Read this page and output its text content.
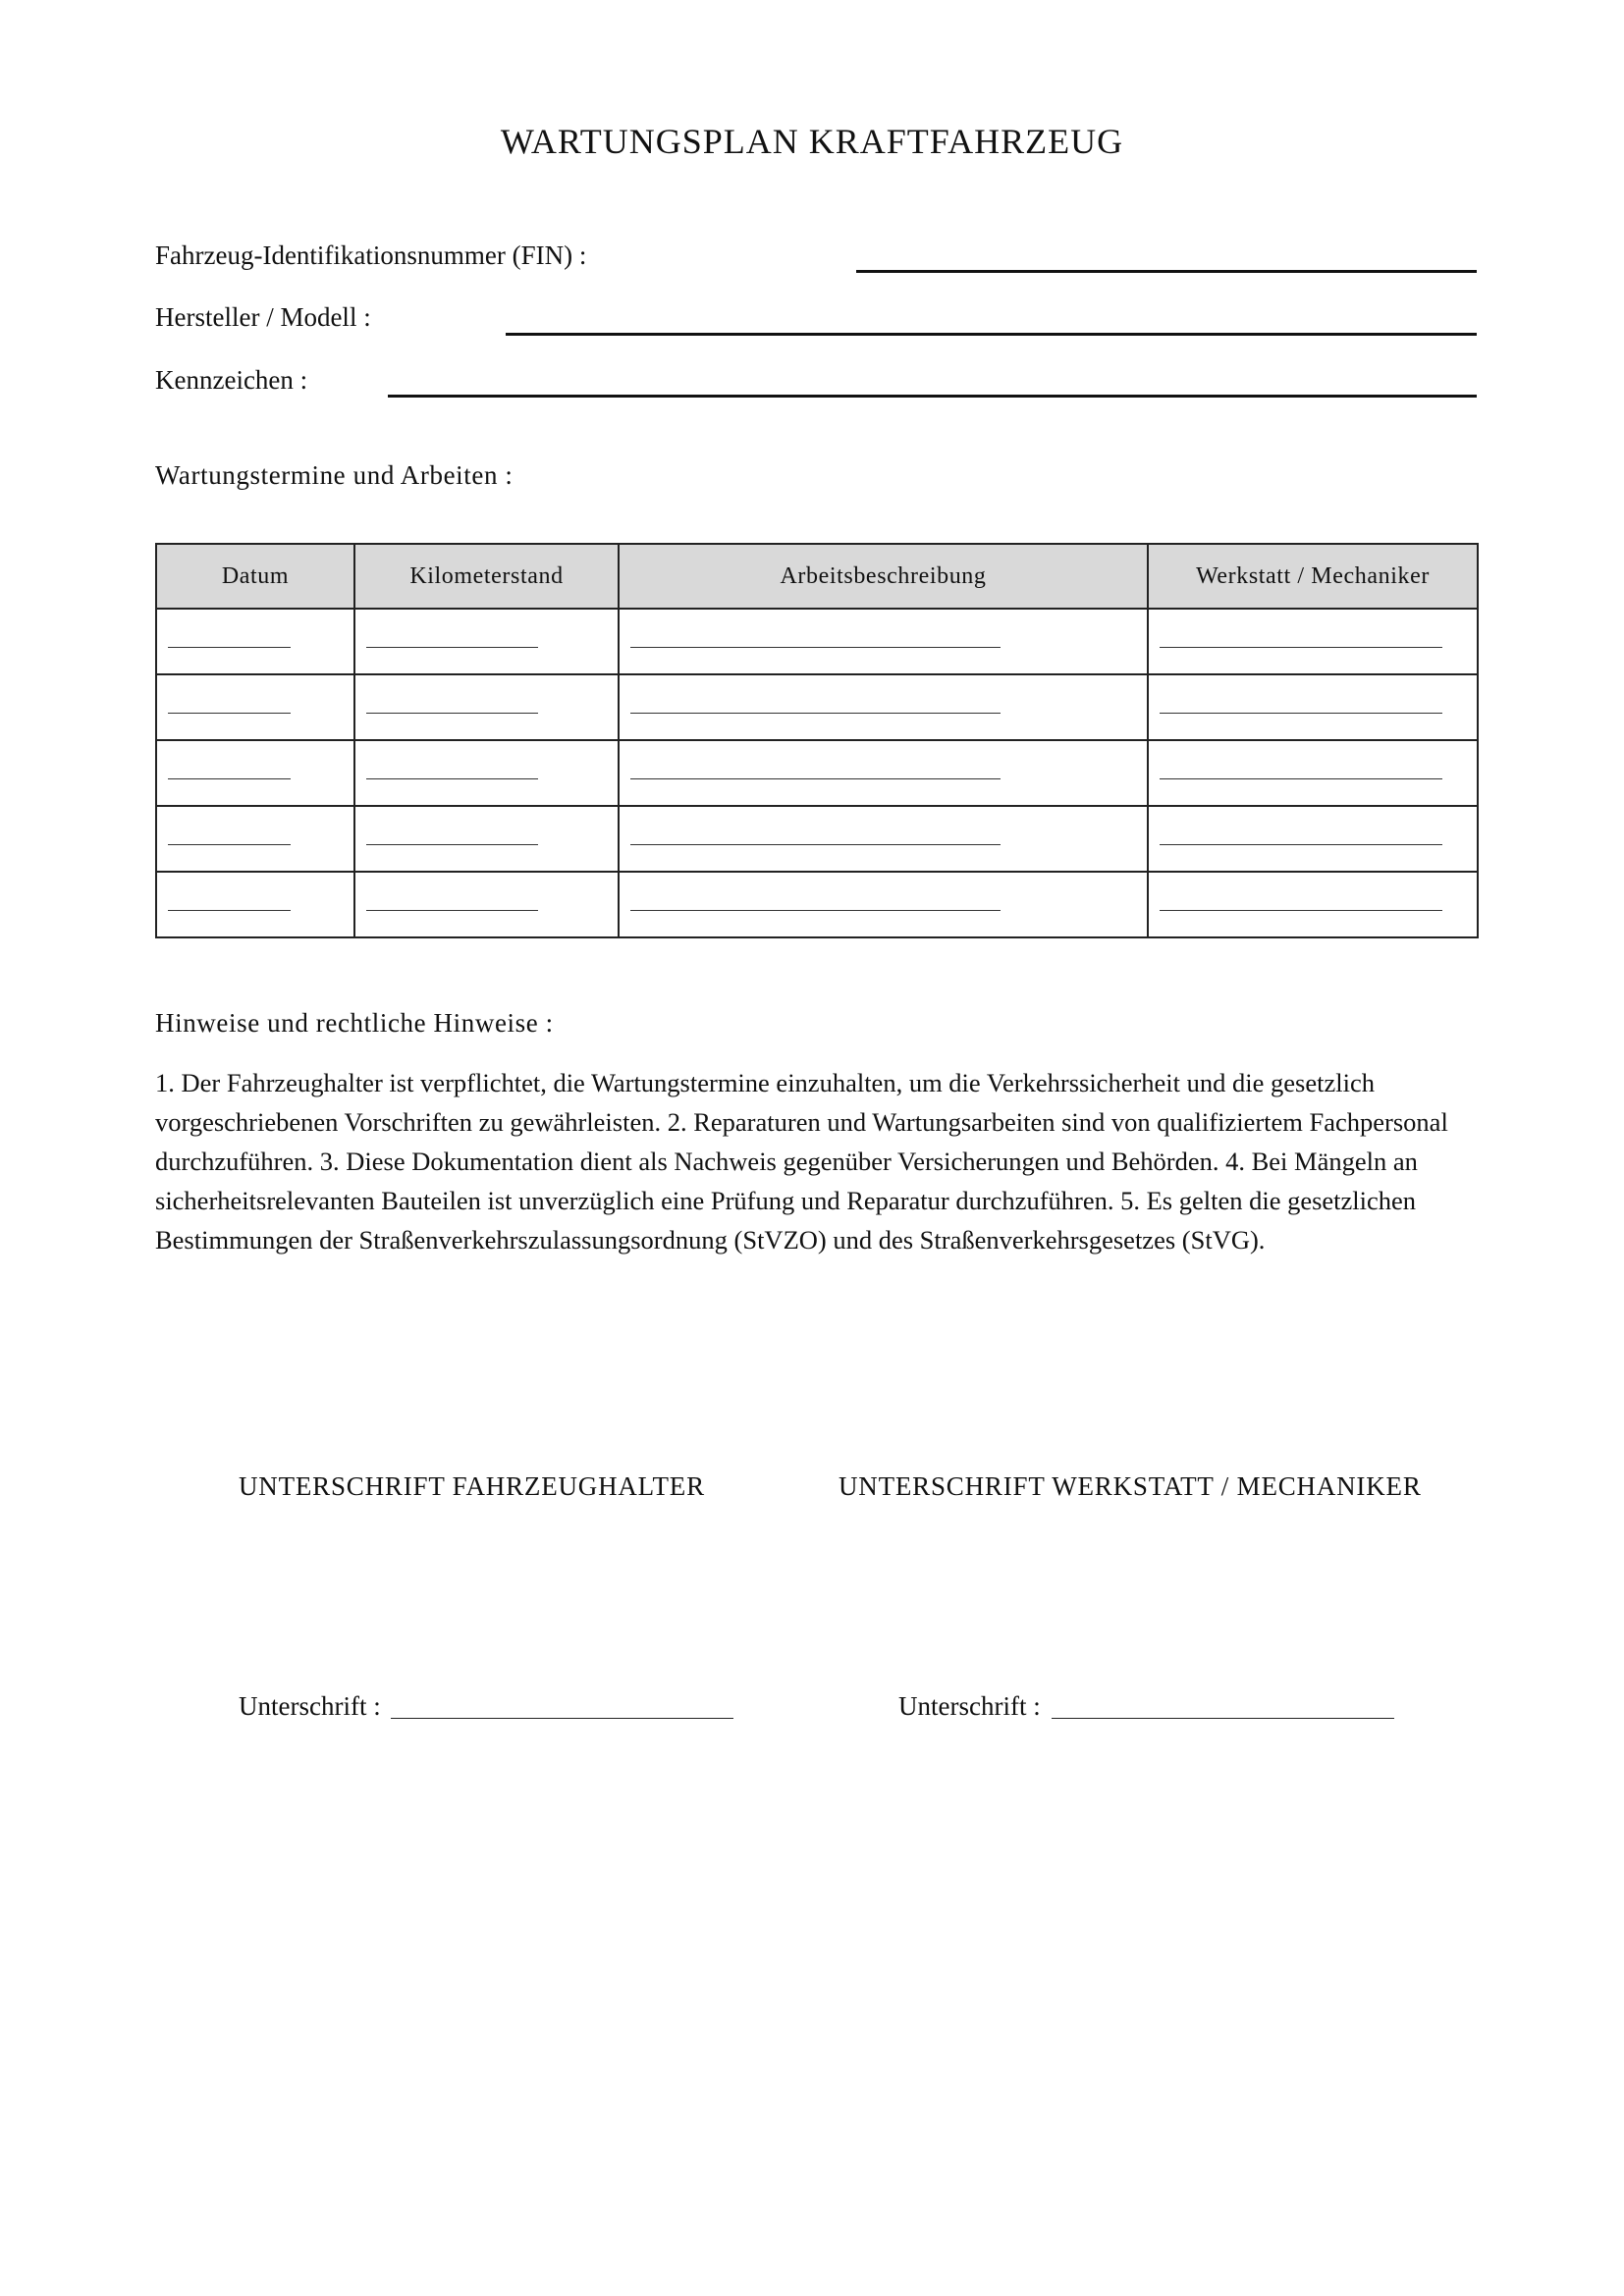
WARTUNGSPLAN KRAFTFAHRZEUG
Fahrzeug-Identifikationsnummer (FIN) :
Hersteller / Modell :
Kennzeichen :
Wartungstermine und Arbeiten :
Datum	Kilometerstand	Arbeitsbeschreibung	Werkstatt / Mechaniker

Hinweise und rechtliche Hinweise :
1. Der Fahrzeughalter ist verpflichtet, die Wartungstermine einzuhalten, um die Verkehrssicherheit und die gesetzlich vorgeschriebenen Vorschriften zu gewährleisten. 2. Reparaturen und Wartungsarbeiten sind von qualifiziertem Fachpersonal durchzuführen. 3. Diese Dokumentation dient als Nachweis gegenüber Versicherungen und Behörden. 4. Bei Mängeln an sicherheitsrelevanten Bauteilen ist unverzüglich eine Prüfung und Reparatur durchzuführen. 5. Es gelten die gesetzlichen Bestimmungen der Straßenverkehrszulassungsordnung (StVZO) und des Straßenverkehrsgesetzes (StVG).
UNTERSCHRIFT FAHRZEUGHALTER	UNTERSCHRIFT WERKSTATT / MECHANIKER
Unterschrift :	Unterschrift :
